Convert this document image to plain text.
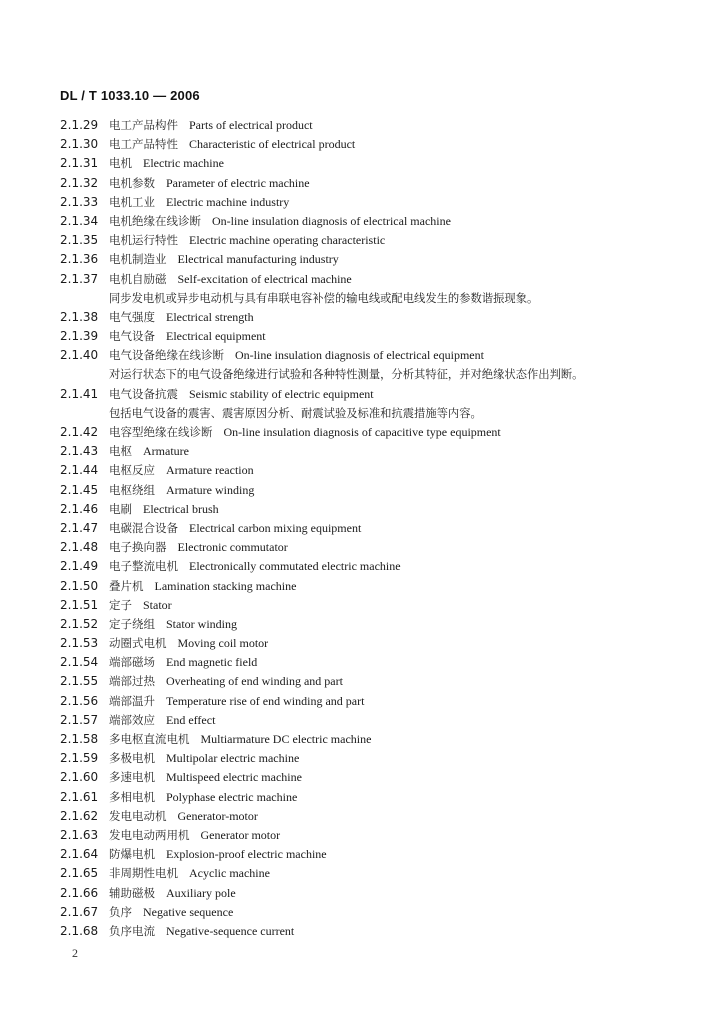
DL / T 1033.10 — 2006
2.1.29 电工产品构件 Parts of electrical product
2.1.30 电工产品特性 Characteristic of electrical product
2.1.31 电机 Electric machine
2.1.32 电机参数 Parameter of electric machine
2.1.33 电机工业 Electric machine industry
2.1.34 电机绝缘在线诊断 On-line insulation diagnosis of electrical machine
2.1.35 电机运行特性 Electric machine operating characteristic
2.1.36 电机制造业 Electrical manufacturing industry
2.1.37 电机自励磁 Self-excitation of electrical machine
同步发电机或异步电动机与具有串联电容补偿的输电线或配电线发生的参数谐振现象。
2.1.38 电气强度 Electrical strength
2.1.39 电气设备 Electrical equipment
2.1.40 电气设备绝缘在线诊断 On-line insulation diagnosis of electrical equipment
对运行状态下的电气设备绝缘进行试验和各种特性测量，分析其特征，并对绝缘状态作出判断。
2.1.41 电气设备抗震 Seismic stability of electric equipment
包括电气设备的震害、震害原因分析、耐震试验及标准和抗震措施等内容。
2.1.42 电容型绝缘在线诊断 On-line insulation diagnosis of capacitive type equipment
2.1.43 电枢 Armature
2.1.44 电枢反应 Armature reaction
2.1.45 电枢绕组 Armature winding
2.1.46 电刷 Electrical brush
2.1.47 电碳混合设备 Electrical carbon mixing equipment
2.1.48 电子换向器 Electronic commutator
2.1.49 电子整流电机 Electronically commutated electric machine
2.1.50 叠片机 Lamination stacking machine
2.1.51 定子 Stator
2.1.52 定子绕组 Stator winding
2.1.53 动圈式电机 Moving coil motor
2.1.54 端部磁场 End magnetic field
2.1.55 端部过热 Overheating of end winding and part
2.1.56 端部温升 Temperature rise of end winding and part
2.1.57 端部效应 End effect
2.1.58 多电枢直流电机 Multiarmature DC electric machine
2.1.59 多极电机 Multipolar electric machine
2.1.60 多速电机 Multispeed electric machine
2.1.61 多相电机 Polyphase electric machine
2.1.62 发电电动机 Generator-motor
2.1.63 发电电动两用机 Generator motor
2.1.64 防爆电机 Explosion-proof electric machine
2.1.65 非周期性电机 Acyclic machine
2.1.66 辅助磁极 Auxiliary pole
2.1.67 负序 Negative sequence
2.1.68 负序电流 Negative-sequence current
2
